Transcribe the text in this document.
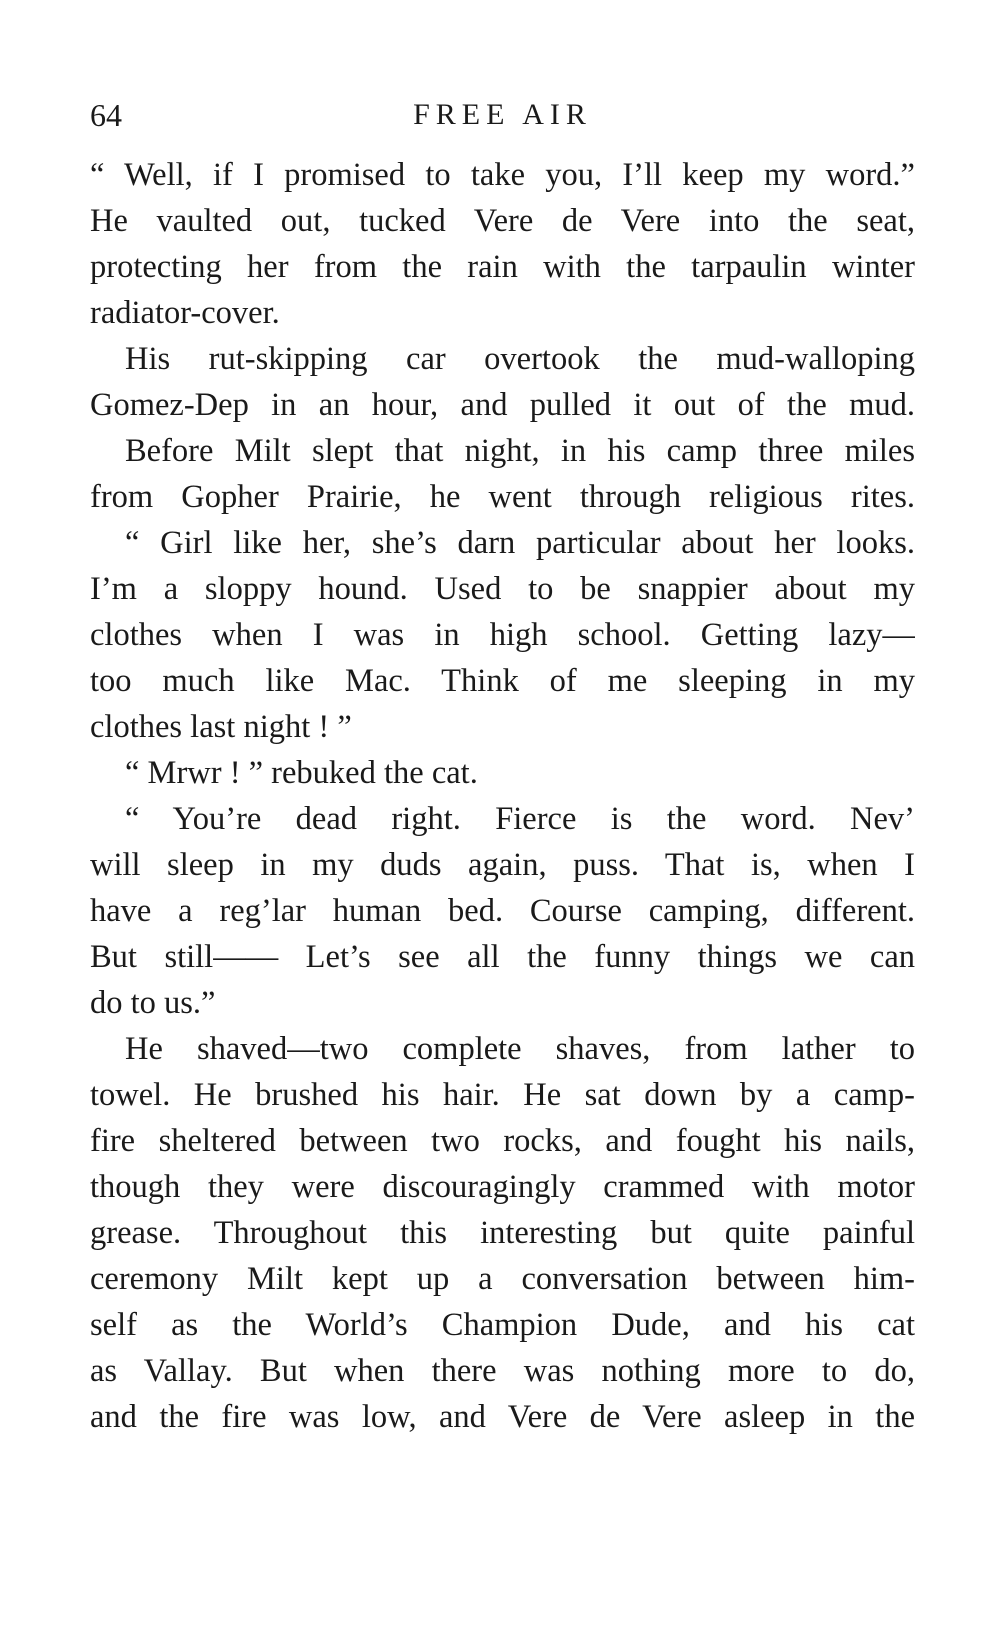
64	FREE AIR
“ Well, if I promised to take you, I’ll keep my word.”
He vaulted out, tucked Vere de Vere into the seat,
protecting her from the rain with the tarpaulin winter
radiator-cover.
His rut-skipping car overtook the mud-walloping
Gomez-Dep in an hour, and pulled it out of the mud.
Before Milt slept that night, in his camp three miles
from Gopher Prairie, he went through religious rites.
“ Girl like her, she’s darn particular about her looks.
I’m a sloppy hound. Used to be snappier about my
clothes when I was in high school. Getting lazy—
too much like Mac. Think of me sleeping in my
clothes last night ! ”
“ Mrwr ! ” rebuked the cat.
“ You’re dead right. Fierce is the word. Nev’
will sleep in my duds again, puss. That is, when I
have a reg’lar human bed. Course camping, different.
But still—— Let’s see all the funny things we can
do to us.”
He shaved—two complete shaves, from lather to
towel. He brushed his hair. He sat down by a camp-
fire sheltered between two rocks, and fought his nails,
though they were discouragingly crammed with motor
grease. Throughout this interesting but quite painful
ceremony Milt kept up a conversation between him-
self as the World’s Champion Dude, and his cat
as Vallay. But when there was nothing more to do,
and the fire was low, and Vere de Vere asleep in the
